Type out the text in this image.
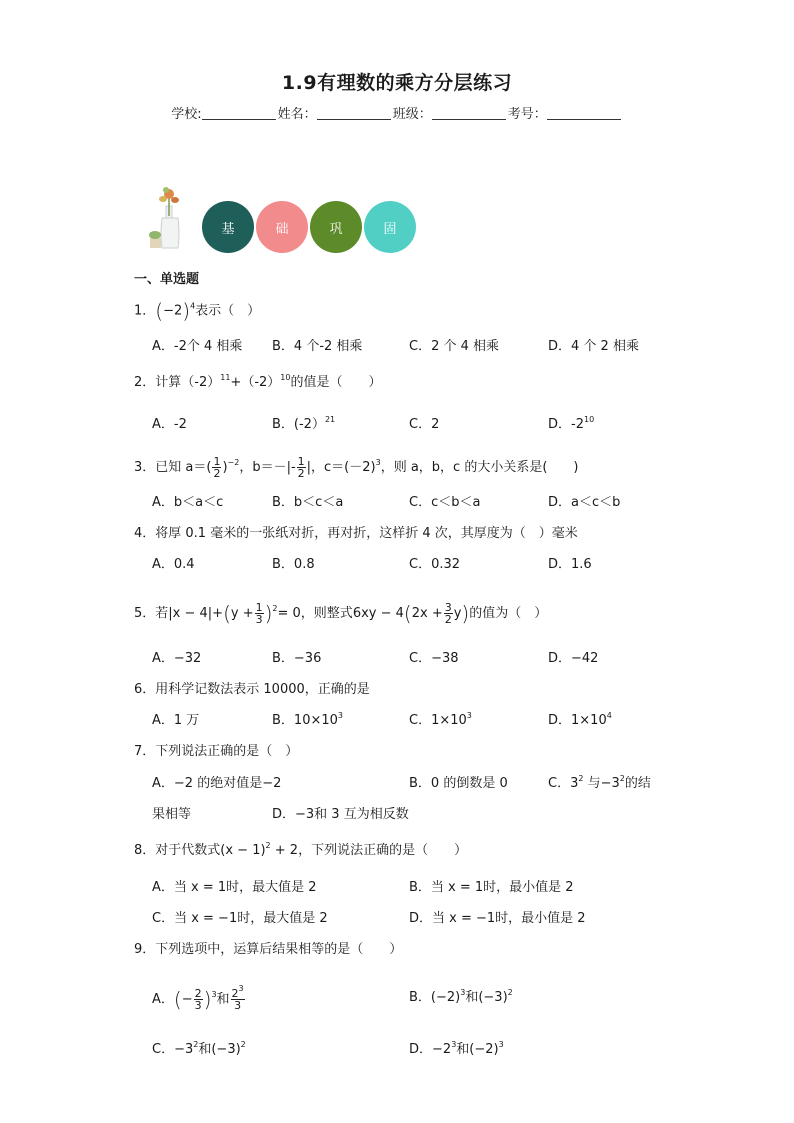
1.9有理数的乘方分层练习
学校:	姓名：	班级：	考号：
基	础	巩	固
一、单选题
1．$(-2)^4$表示（　）
A．-2个 4 相乘 B．4 个-2 相乘	C．2 个 4 相乘	D．4 个 2 相乘
2．计算$(-2)^{11}+(-2)^{10}$的值是（　　）
A．-2	B．(-2）$^{21}$	C．2	D．$-2^{10}$
3．已知 $a=( \frac{1}{2} )^{-2}$，$b=-|- \frac{1}{2}$ |，$c=(-2)^3$，则 a，b，c 的大小关系是(　　)
A．b＜a＜c	B．b＜c＜a	C．c＜b＜a	D．a＜c＜b
4．将厚 0.1 毫米的一张纸对折，再对折，这样折 4 次，其厚度为（　）毫米
A．0.4	B．0.8	C．0.32	D．1.6
5．若$|x - 4|+(y + \frac{1}{3} )^2= 0$，则整式$6xy - 4(2x + \frac{3}{2} y)$的值为（　）
A．−32	B．−36	C．−38	D．−42
6．用科学记数法表示 10000，正确的是
A．1 万	B．$10\times 10^3$	C．$1\times 10^3$	D．$1\times 10^4$
7．下列说法正确的是（　）
A．−2 的绝对值是−2	B．0 的倒数是 0	C．$3^2$ 与$-3^2$的结
果相等	D．−3和 3 互为相反数
8．对于代数式$(x - 1)^2 + 2$，下列说法正确的是（　　）
A．当 x = 1时，最大值是 2	B．当 x = 1时，最小值是 2
C．当 x = −1时，最大值是 2	D．当 x = −1时，最小值是 2
9．下列选项中，运算后结果相等的是（　　）
A．(− $\frac{2}{3} )^3$和 $\frac{2^3}{3}$	B．$(-2)^3$和$(-3)^2$
C．$-3^2$和$(-3)^2$	D．$-2^3$和$(-2)^3$
